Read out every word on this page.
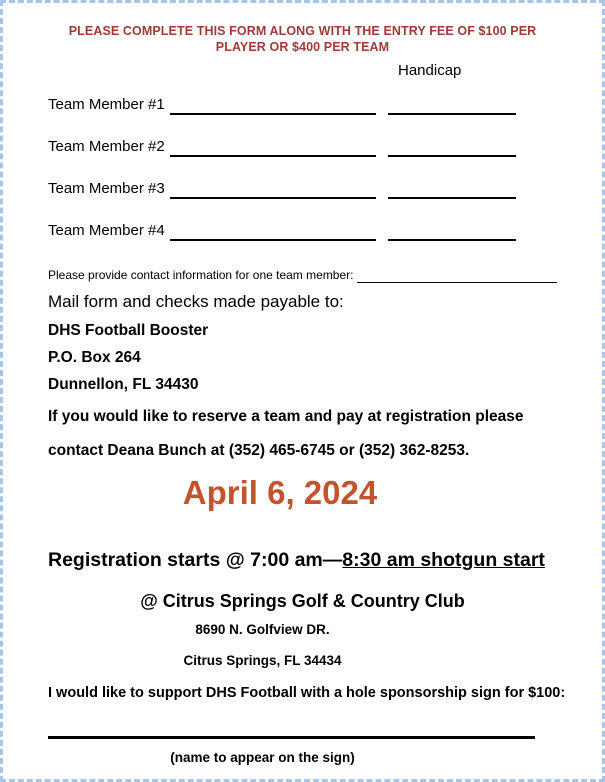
PLEASE COMPLETE THIS FORM ALONG WITH THE ENTRY FEE OF $100 PER PLAYER OR $400 PER TEAM
Handicap
Team Member #1
Team Member #2
Team Member #3
Team Member #4
Please provide contact information for one team member:
Mail form and checks made payable to:
DHS Football Booster
P.O. Box 264
Dunnellon, FL 34430
If you would like to reserve a team and pay at registration please
contact Deana Bunch at (352) 465-6745 or (352) 362-8253.
April 6, 2024
Registration starts @ 7:00 am—8:30 am shotgun start
@ Citrus Springs Golf & Country Club
8690 N. Golfview DR.
Citrus Springs, FL 34434
I would like to support DHS Football with a hole sponsorship sign for $100:
(name to appear on the sign)
